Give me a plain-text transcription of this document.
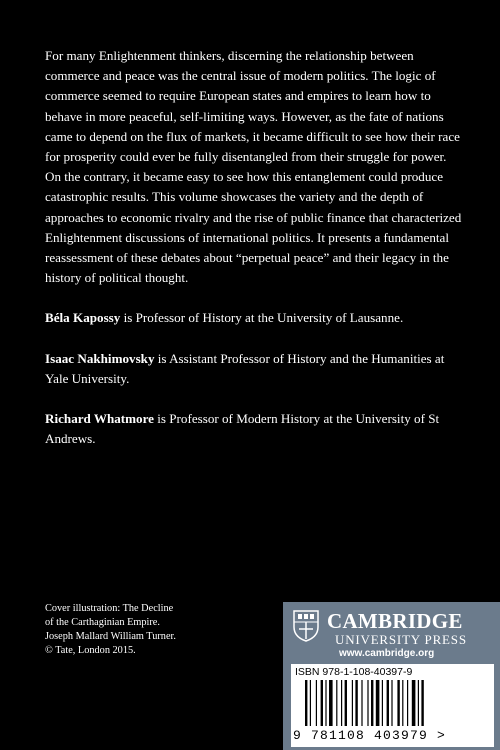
For many Enlightenment thinkers, discerning the relationship between commerce and peace was the central issue of modern politics. The logic of commerce seemed to require European states and empires to learn how to behave in more peaceful, self-limiting ways. However, as the fate of nations came to depend on the flux of markets, it became difficult to see how their race for prosperity could ever be fully disentangled from their struggle for power. On the contrary, it became easy to see how this entanglement could produce catastrophic results. This volume showcases the variety and the depth of approaches to economic rivalry and the rise of public finance that characterized Enlightenment discussions of international politics. It presents a fundamental reassessment of these debates about “perpetual peace” and their legacy in the history of political thought.

Béla Kapossy is Professor of History at the University of Lausanne.

Isaac Nakhimovsky is Assistant Professor of History and the Humanities at Yale University.

Richard Whatmore is Professor of Modern History at the University of St Andrews.

Cover illustration: The Decline
of the Carthaginian Empire.
Joseph Mallard William Turner.
© Tate, London 2015.
CAMBRIDGE
UNIVERSITY PRESS
www.cambridge.org
ISBN 978-1-108-40397-9
9 781108 403979 >
